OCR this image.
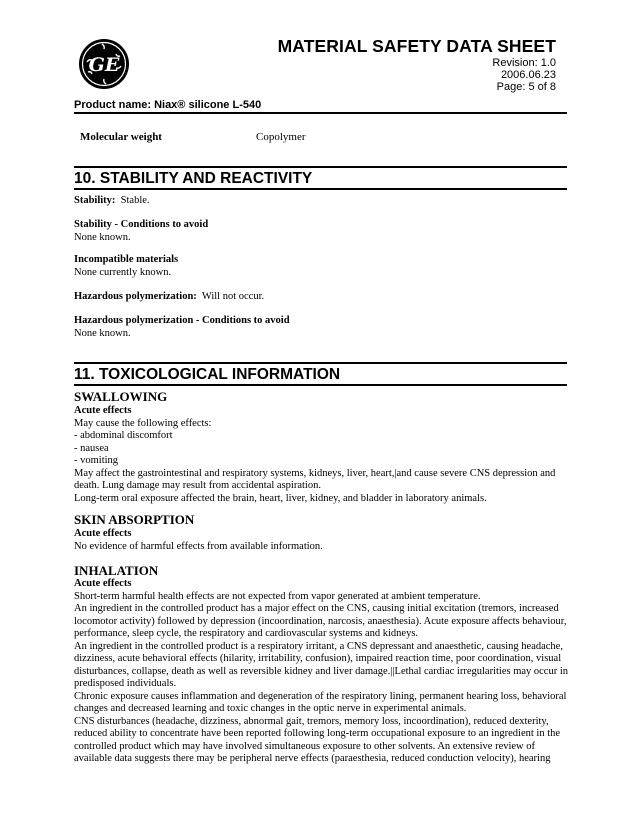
GE
MATERIAL SAFETY DATA SHEET
Revision: 1.0
2006.06.23
Page: 5 of 8
Product name: Niax® silicone L-540
Molecular weight	Copolymer
10. STABILITY AND REACTIVITY

Stability: Stable.

Stability - Conditions to avoid

None known.

Incompatible materials

None currently known.

Hazardous polymerization: Will not occur.

Hazardous polymerization - Conditions to avoid

None known.

11. TOXICOLOGICAL INFORMATION
SWALLOWING

Acute effects

May cause the following effects:

- abdominal discomfort

- nausea

- vomiting

May affect the gastrointestinal and respiratory systems, kidneys, liver, heart,|and cause severe CNS depression and

death. Lung damage may result from accidental aspiration.

Long-term oral exposure affected the brain, heart, liver, kidney, and bladder in laboratory animals.

SKIN ABSORPTION

Acute effects

No evidence of harmful effects from available information.

INHALATION

Acute effects

Short-term harmful health effects are not expected from vapor generated at ambient temperature.

An ingredient in the controlled product has a major effect on the CNS, causing initial excitation (tremors, increased

locomotor activity) followed by depression (incoordination, narcosis, anaesthesia). Acute exposure affects behaviour,

performance, sleep cycle, the respiratory and cardiovascular systems and kidneys.

An ingredient in the controlled product is a respiratory irritant, a CNS depressant and anaesthetic, causing headache,

dizziness, acute behavioral effects (hilarity, irritability, confusion), impaired reaction time, poor coordination, visual

disturbances, collapse, death as well as reversible kidney and liver damage.||Lethal cardiac irregularities may occur in

predisposed individuals.

Chronic exposure causes inflammation and degeneration of the respiratory lining, permanent hearing loss, behavioral

changes and decreased learning and toxic changes in the optic nerve in experimental animals.

CNS disturbances (headache, dizziness, abnormal gait, tremors, memory loss, incoordination), reduced dexterity,

reduced ability to concentrate have been reported following long-term occupational exposure to an ingredient in the

controlled product which may have involved simultaneous exposure to other solvents. An extensive review of

available data suggests there may be peripheral nerve effects (paraesthesia, reduced conduction velocity), hearing
